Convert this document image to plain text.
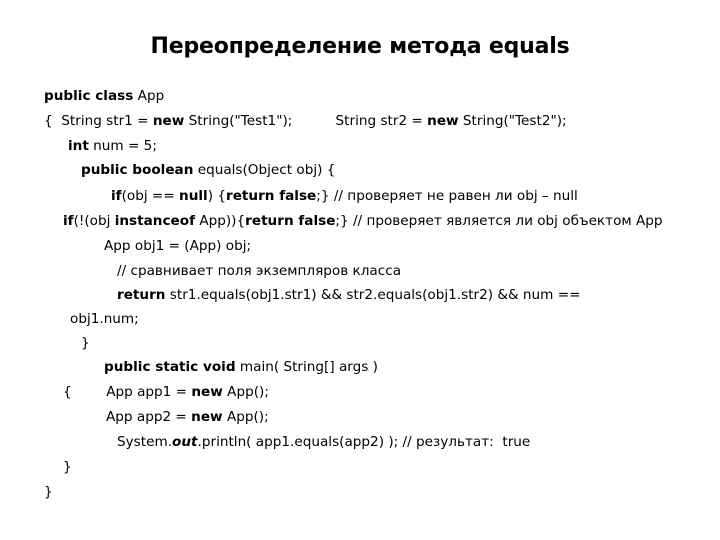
Переопределение метода equals
public class App
{  String str1 = new String("Test1");          String str2 = new String("Test2");
int num = 5;
public boolean equals(Object obj) {
if(obj == null) {return false;} // проверяет не равен ли obj – null
if(!(obj instanceof App)){return false;} // проверяет является ли obj объектом App
App obj1 = (App) obj;
// сравнивает поля экземпляров класса
return str1.equals(obj1.str1) && str2.equals(obj1.str2) && num ==
obj1.num;
}
public static void main( String[] args )
{        App app1 = new App();
App app2 = new App();
System.out.println( app1.equals(app2) ); // результат:  true
}
}
